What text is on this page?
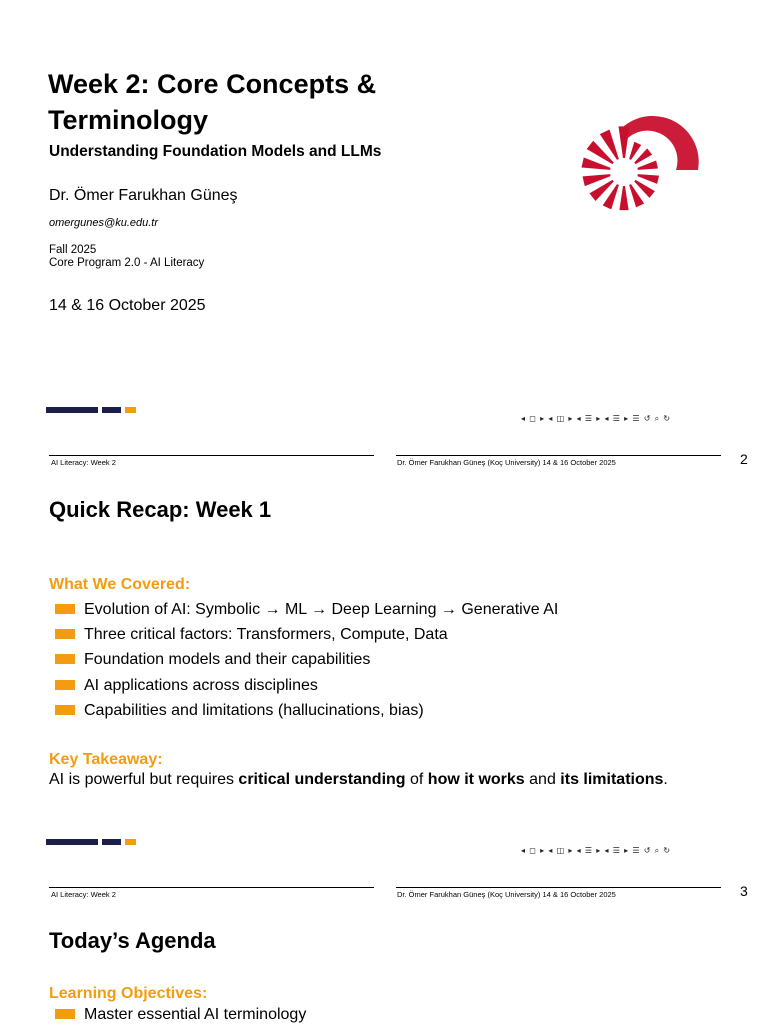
Week 2: Core Concepts &
Terminology
Understanding Foundation Models and LLMs
Dr. Ömer Farukhan Güneş
omergunes@ku.edu.tr
Fall 2025
Core Program 2.0 - AI Literacy
14 & 16 October 2025
◂ ◻ ▸ ◂ ◫ ▸ ◂ ☰ ▸ ◂ ☰ ▸ ☰ ↺ ⌕ ↻
AI Literacy: Week 2	Dr. Ömer Farukhan Güneş (Koç University) 14 & 16 October 2025	2
Quick Recap: Week 1
What We Covered:
Evolution of AI: Symbolic → ML → Deep Learning → Generative AI
Three critical factors: Transformers, Compute, Data
Foundation models and their capabilities
AI applications across disciplines
Capabilities and limitations (hallucinations, bias)
Key Takeaway:
AI is powerful but requires critical understanding of how it works and its limitations.
◂ ◻ ▸ ◂ ◫ ▸ ◂ ☰ ▸ ◂ ☰ ▸ ☰ ↺ ⌕ ↻
AI Literacy: Week 2	Dr. Ömer Farukhan Güneş (Koç University) 14 & 16 October 2025	3
Today’s Agenda
Learning Objectives:
Master essential AI terminology
